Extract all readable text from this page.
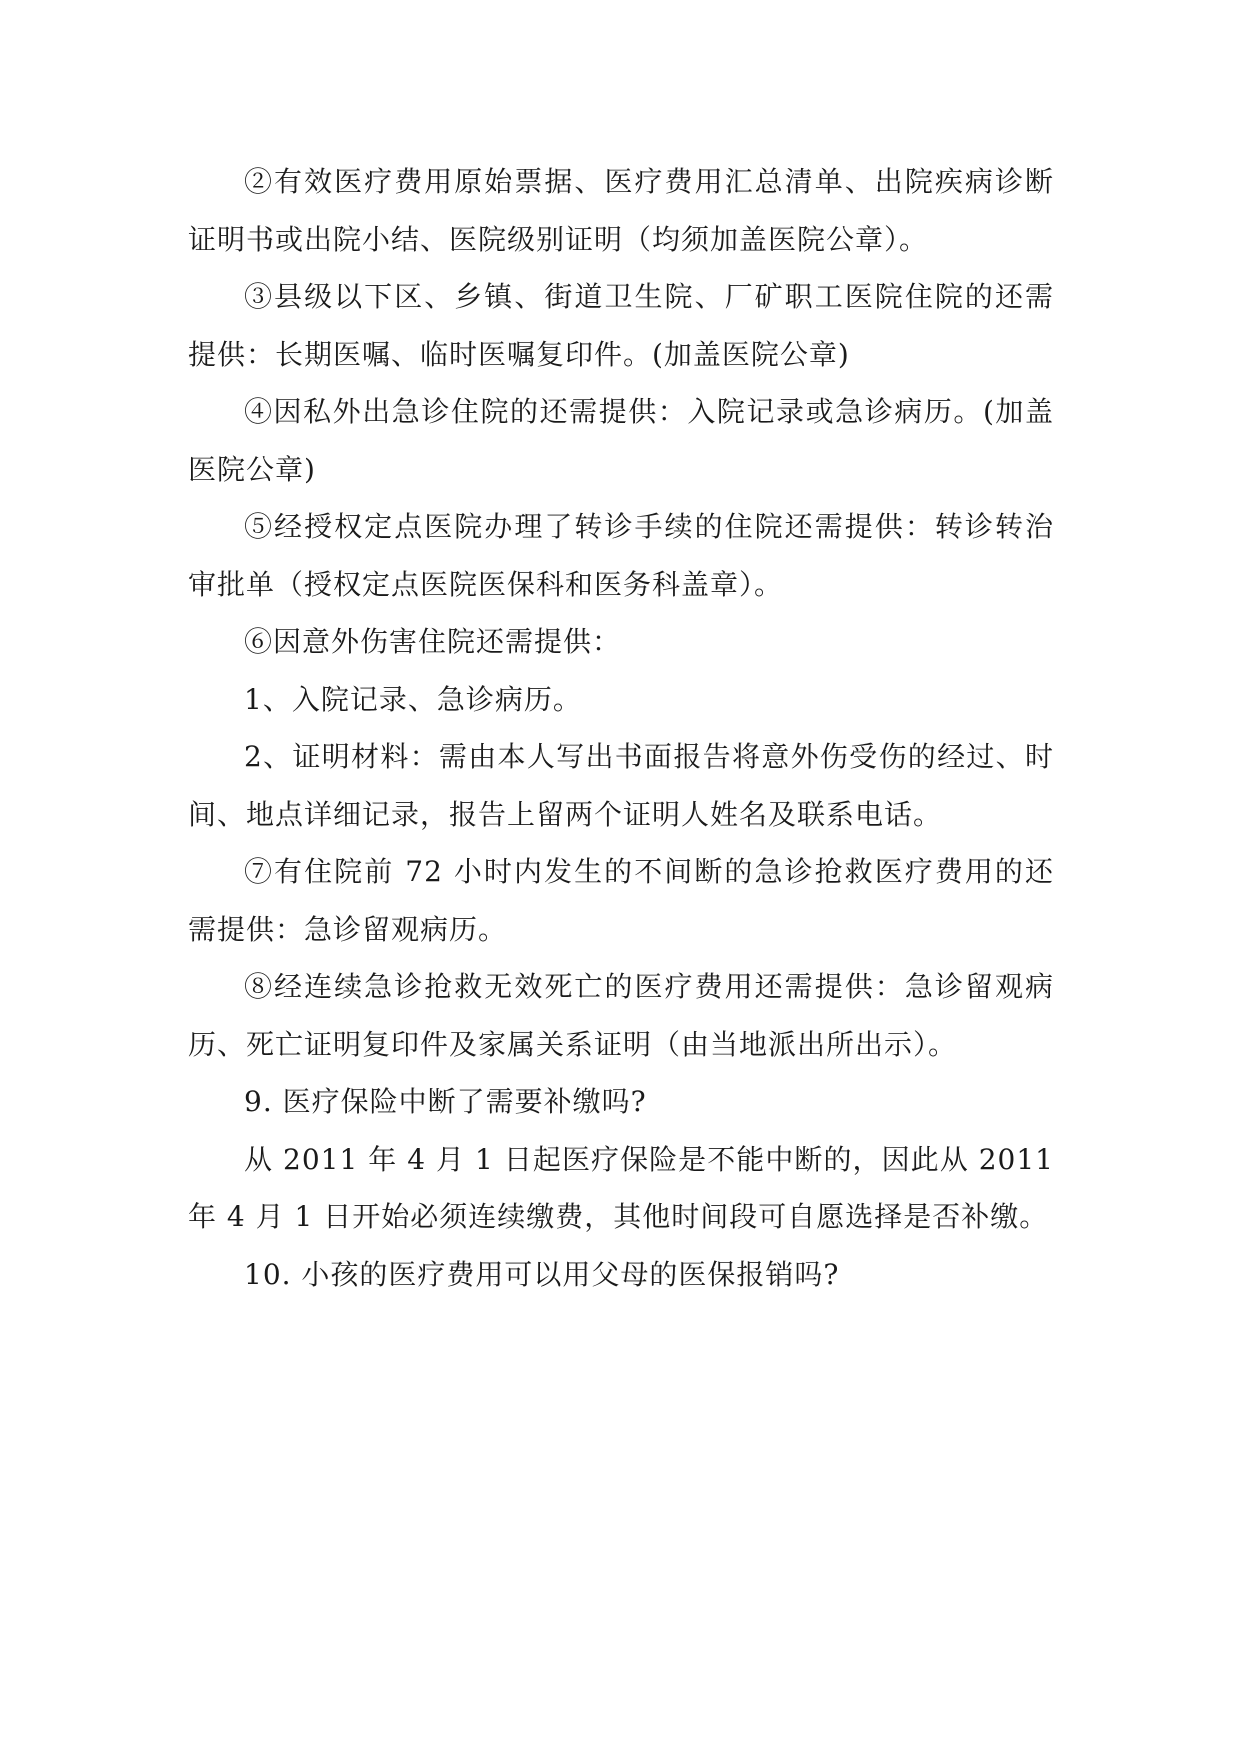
②有效医疗费用原始票据、医疗费用汇总清单、出院疾病诊断证明书或出院小结、医院级别证明（均须加盖医院公章）。

③县级以下区、乡镇、街道卫生院、厂矿职工医院住院的还需提供：长期医嘱、临时医嘱复印件。(加盖医院公章)

④因私外出急诊住院的还需提供：入院记录或急诊病历。(加盖医院公章)

⑤经授权定点医院办理了转诊手续的住院还需提供：转诊转治审批单（授权定点医院医保科和医务科盖章）。

⑥因意外伤害住院还需提供：

1、入院记录、急诊病历。

2、证明材料：需由本人写出书面报告将意外伤受伤的经过、时间、地点详细记录，报告上留两个证明人姓名及联系电话。

⑦有住院前 72 小时内发生的不间断的急诊抢救医疗费用的还需提供：急诊留观病历。

⑧经连续急诊抢救无效死亡的医疗费用还需提供：急诊留观病历、死亡证明复印件及家属关系证明（由当地派出所出示）。

9. 医疗保险中断了需要补缴吗?

从 2011 年 4 月 1 日起医疗保险是不能中断的，因此从 2011 年 4 月 1 日开始必须连续缴费，其他时间段可自愿选择是否补缴。

10. 小孩的医疗费用可以用父母的医保报销吗?
